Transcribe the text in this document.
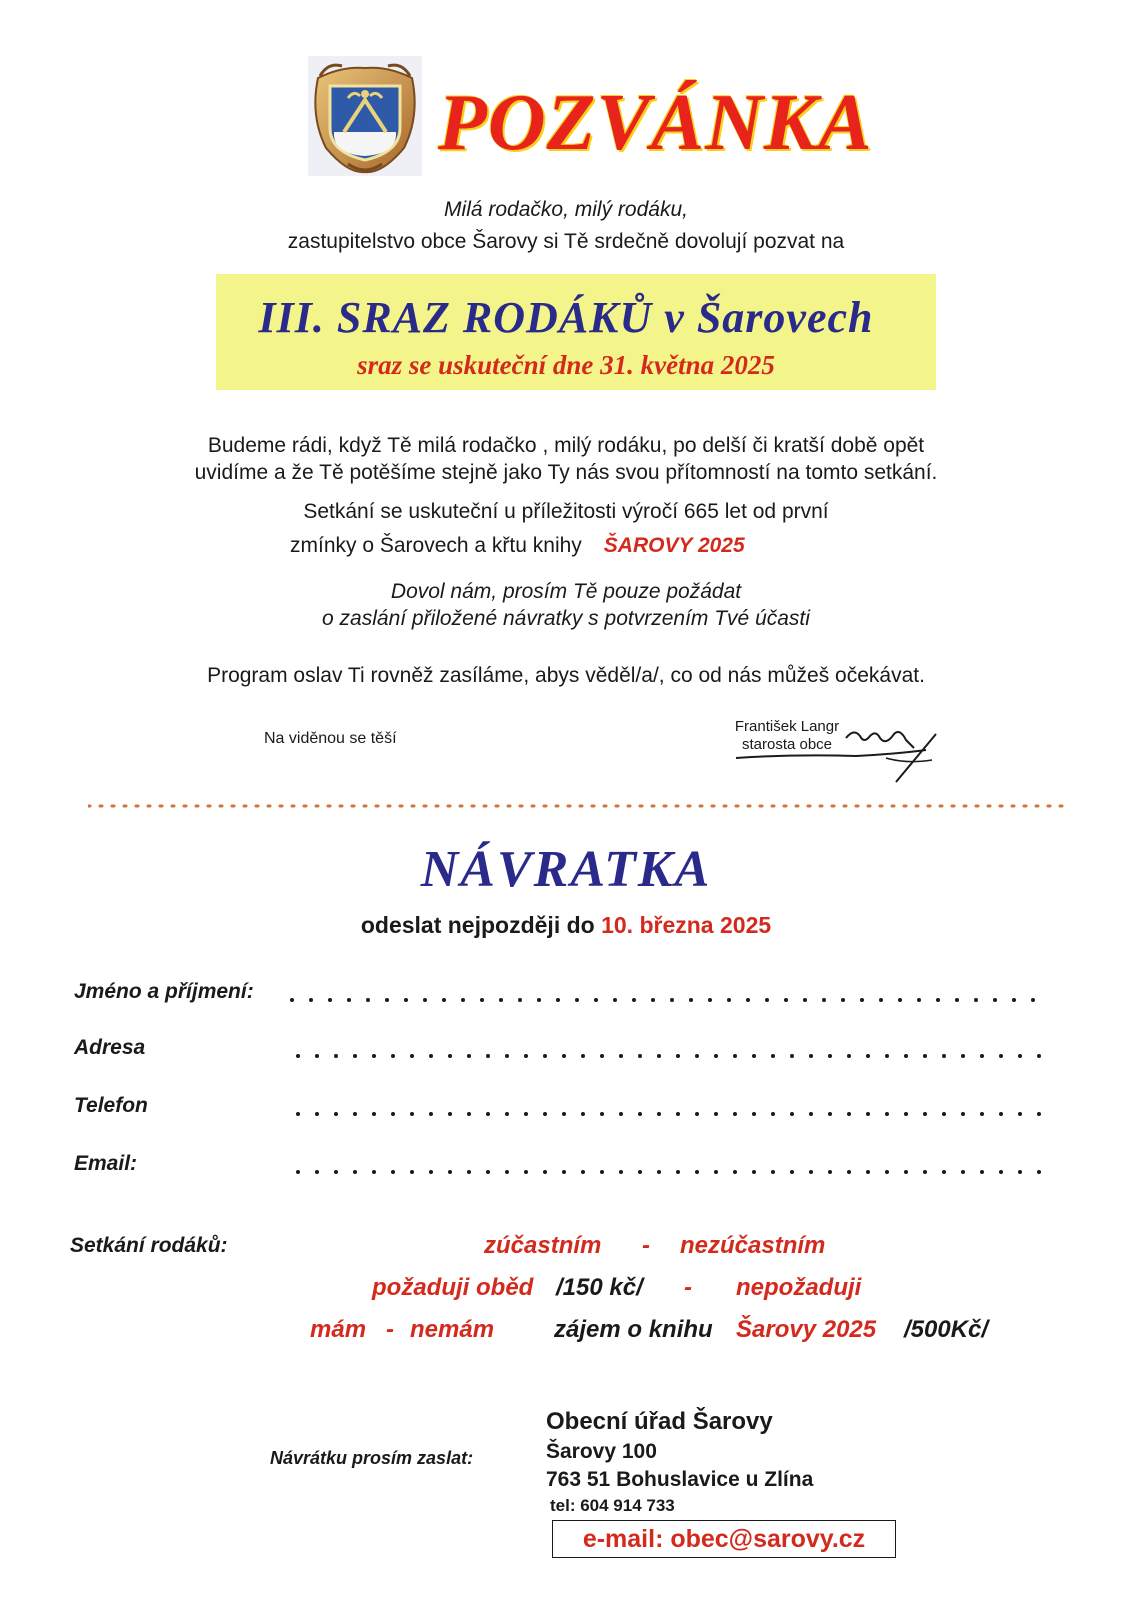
POZVÁNKA
Milá rodačko, milý rodáku,
zastupitelstvo obce Šarovy si Tě srdečně dovolují pozvat na
III. SRAZ RODÁKŮ v Šarovech
sraz se uskuteční dne 31. května 2025
Budeme rádi, když Tě milá rodačko , milý rodáku, po delší či kratší době opět
uvidíme a že Tě potěšíme stejně jako Ty nás svou přítomností na tomto setkání.
Setkání se uskuteční u příležitosti výročí 665 let od první
zmínky o Šarovech a křtu knihy ŠAROVY 2025
Dovol nám, prosím Tě pouze požádat
o zaslání přiložené návratky s potvrzením Tvé účasti
Program oslav Ti rovněž zasíláme, abys věděl/a/, co od nás můžeš očekávat.
Na viděnou se těší
František Langr
starosta obce
NÁVRATKA
odeslat nejpozději do 10. března 2025
Jméno a příjmení:
Adresa
Telefon
Email:
Setkání rodáků:	zúčastním - nezúčastním
požaduji oběd /150 kč/ - nepožaduji
mám - nemám zájem o knihu Šarovy 2025 /500Kč/
Návrátku prosím zaslat:
Obecní úřad Šarovy
Šarovy 100
763 51 Bohuslavice u Zlína
tel: 604 914 733
e-mail: obec@sarovy.cz
